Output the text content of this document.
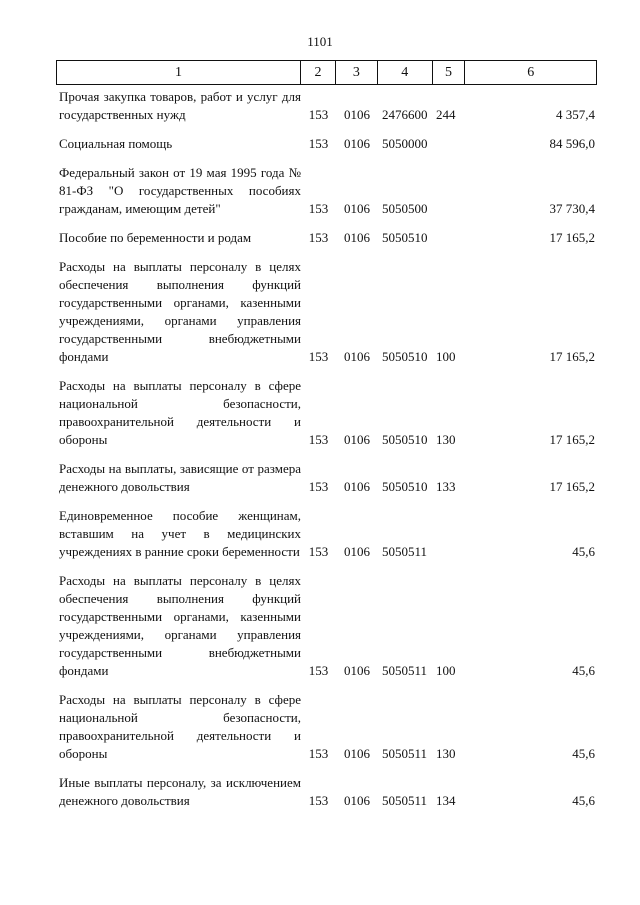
1101
1	2	3	4	5	6
Прочая закупка товаров, работ и услуг для государственных нужд	153	0106 2476600 244	4 357,4
Социальная помощь	153	0106 5050000	84 596,0
Федеральный закон от 19 мая 1995 года № 81-ФЗ "О государственных пособиях гражданам, имеющим детей"	153	0106 5050500	37 730,4
Пособие по беременности и родам	153	0106 5050510	17 165,2
Расходы на выплаты персоналу в целях обеспечения выполнения функций государственными органами, казенными учреждениями, органами управления государственными внебюджетными фондами	153	0106 5050510 100	17 165,2
Расходы на выплаты персоналу в сфере национальной безопасности, правоохранительной деятельности и обороны	153	0106 5050510 130	17 165,2
Расходы на выплаты, зависящие от размера денежного довольствия	153	0106 5050510 133	17 165,2
Единовременное пособие женщинам, вставшим на учет в медицинских учреждениях в ранние сроки беременности 153	0106 5050511	45,6
Расходы на выплаты персоналу в целях обеспечения выполнения функций государственными органами, казенными учреждениями, органами управления государственными внебюджетными фондами	153	0106 5050511 100	45,6
Расходы на выплаты персоналу в сфере национальной безопасности, правоохранительной деятельности и обороны	153	0106 5050511 130	45,6
Иные выплаты персоналу, за исключением денежного довольствия	153	0106 5050511 134	45,6
